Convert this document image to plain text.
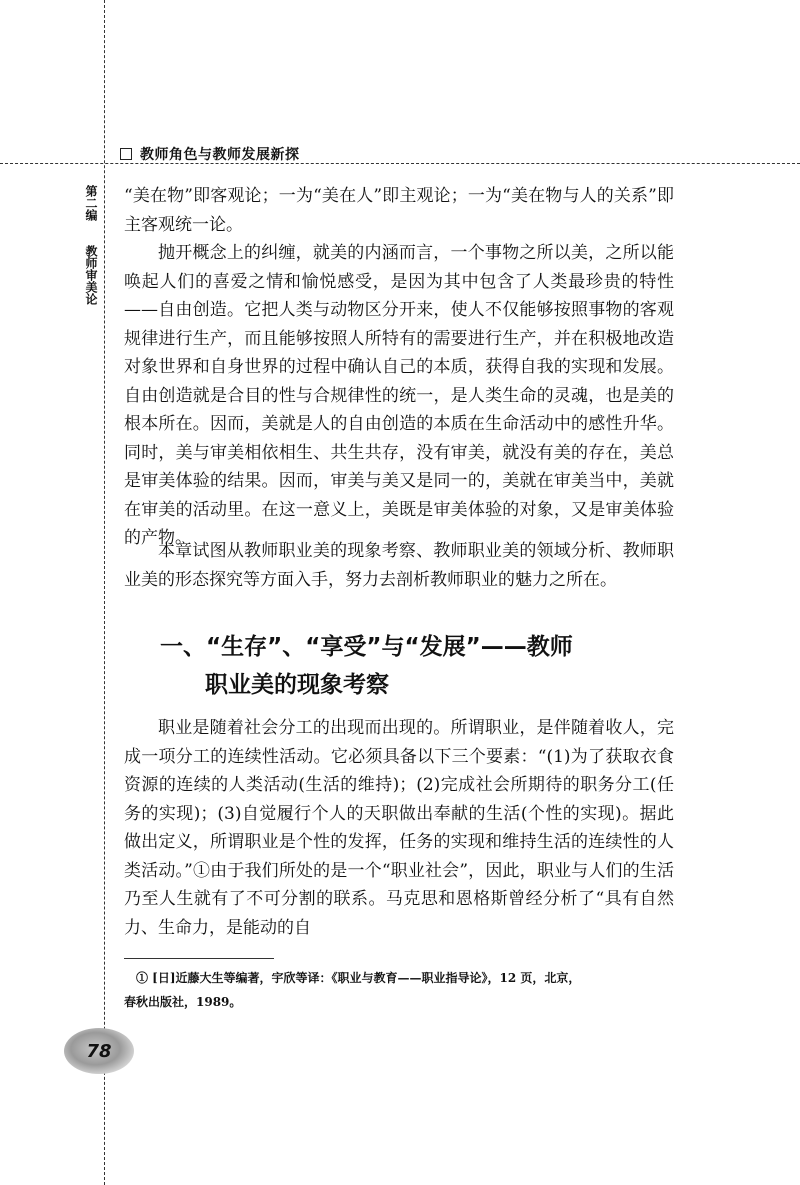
教师角色与教师发展新探
第二编
教师审美论

“美在物”即客观论；一为“美在人”即主观论；一为“美在物与人的关系”即主客观统一论。

抛开概念上的纠缠，就美的内涵而言，一个事物之所以美，之所以能唤起人们的喜爱之情和愉悦感受，是因为其中包含了人类最珍贵的特性——自由创造。它把人类与动物区分开来，使人不仅能够按照事物的客观规律进行生产，而且能够按照人所特有的需要进行生产，并在积极地改造对象世界和自身世界的过程中确认自己的本质，获得自我的实现和发展。自由创造就是合目的性与合规律性的统一，是人类生命的灵魂，也是美的根本所在。因而，美就是人的自由创造的本质在生命活动中的感性升华。同时，美与审美相依相生、共生共存，没有审美，就没有美的存在，美总是审美体验的结果。因而，审美与美又是同一的，美就在审美当中，美就在审美的活动里。在这一意义上，美既是审美体验的对象，又是审美体验的产物。

本章试图从教师职业美的现象考察、教师职业美的领域分析、教师职业美的形态探究等方面入手，努力去剖析教师职业的魅力之所在。

一、“生存”、“享受”与“发展”——教师
职业美的现象考察

职业是随着社会分工的出现而出现的。所谓职业，是伴随着收人，完成一项分工的连续性活动。它必须具备以下三个要素：“(1)为了获取衣食资源的连续的人类活动(生活的维持)；(2)完成社会所期待的职务分工(任务的实现)；(3)自觉履行个人的天职做出奉献的生活(个性的实现)。据此做出定义，所谓职业是个性的发挥，任务的实现和维持生活的连续性的人类活动。”①由于我们所处的是一个“职业社会”，因此，职业与人们的生活乃至人生就有了不可分割的联系。马克思和恩格斯曾经分析了“具有自然力、生命力，是能动的自

① [日]近藤大生等编著，宇欣等译：《职业与教育——职业指导论》，12 页，北京，
春秋出版社，1989。

78
